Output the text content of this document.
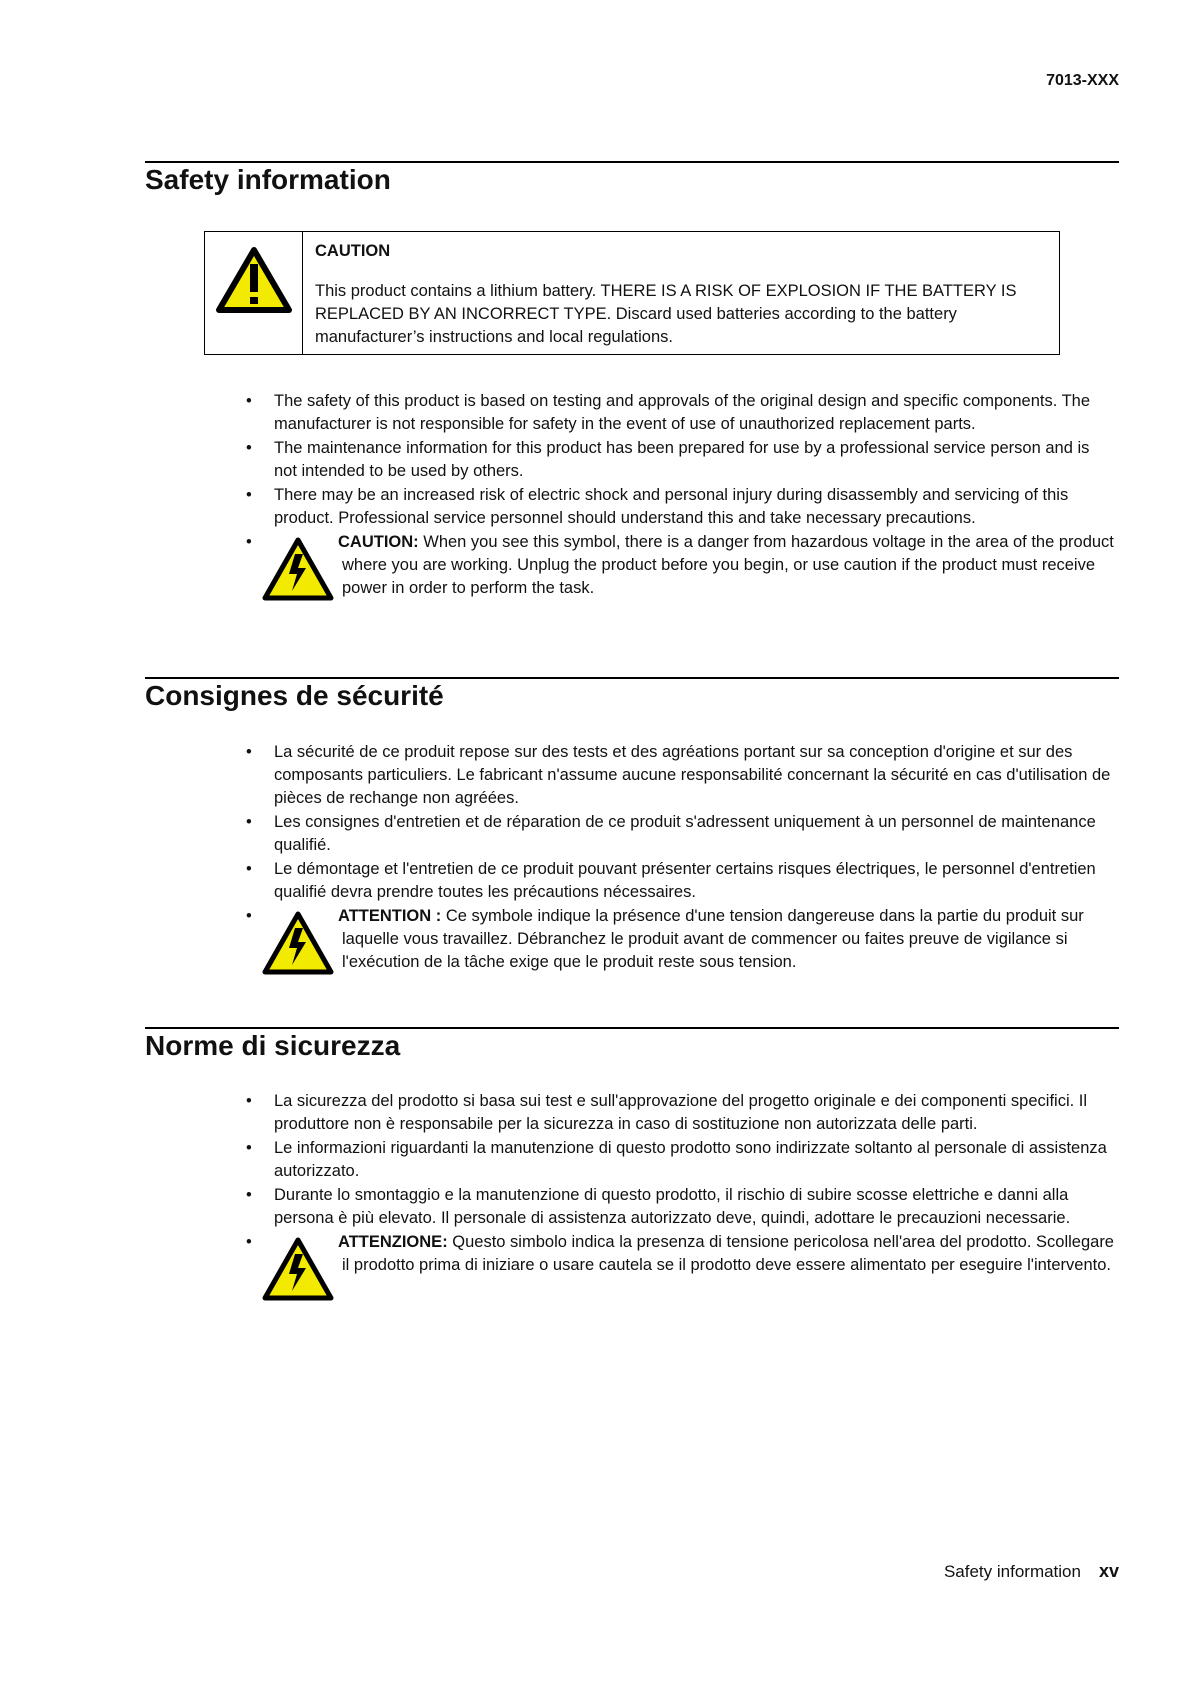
7013-XXX
Safety information
CAUTION
This product contains a lithium battery. THERE IS A RISK OF EXPLOSION IF THE BATTERY IS REPLACED BY AN INCORRECT TYPE. Discard used batteries according to the battery manufacturer’s instructions and local regulations.
• The safety of this product is based on testing and approvals of the original design and specific components. The manufacturer is not responsible for safety in the event of use of unauthorized replacement parts.
• The maintenance information for this product has been prepared for use by a professional service person and is not intended to be used by others.
• There may be an increased risk of electric shock and personal injury during disassembly and servicing of this product. Professional service personnel should understand this and take necessary precautions.
• CAUTION: When you see this symbol, there is a danger from hazardous voltage in the area of the product where you are working. Unplug the product before you begin, or use caution if the product must receive power in order to perform the task.
Consignes de sécurité
• La sécurité de ce produit repose sur des tests et des agréations portant sur sa conception d'origine et sur des composants particuliers. Le fabricant n'assume aucune responsabilité concernant la sécurité en cas d'utilisation de pièces de rechange non agréées.
• Les consignes d'entretien et de réparation de ce produit s'adressent uniquement à un personnel de maintenance qualifié.
• Le démontage et l'entretien de ce produit pouvant présenter certains risques électriques, le personnel d'entretien qualifié devra prendre toutes les précautions nécessaires.
• ATTENTION : Ce symbole indique la présence d'une tension dangereuse dans la partie du produit sur laquelle vous travaillez. Débranchez le produit avant de commencer ou faites preuve de vigilance si l'exécution de la tâche exige que le produit reste sous tension.
Norme di sicurezza
• La sicurezza del prodotto si basa sui test e sull'approvazione del progetto originale e dei componenti specifici. Il produttore non è responsabile per la sicurezza in caso di sostituzione non autorizzata delle parti.
• Le informazioni riguardanti la manutenzione di questo prodotto sono indirizzate soltanto al personale di assistenza autorizzato.
• Durante lo smontaggio e la manutenzione di questo prodotto, il rischio di subire scosse elettriche e danni alla persona è più elevato. Il personale di assistenza autorizzato deve, quindi, adottare le precauzioni necessarie.
• ATTENZIONE: Questo simbolo indica la presenza di tensione pericolosa nell'area del prodotto. Scollegare il prodotto prima di iniziare o usare cautela se il prodotto deve essere alimentato per eseguire l'intervento.
Safety information xv
